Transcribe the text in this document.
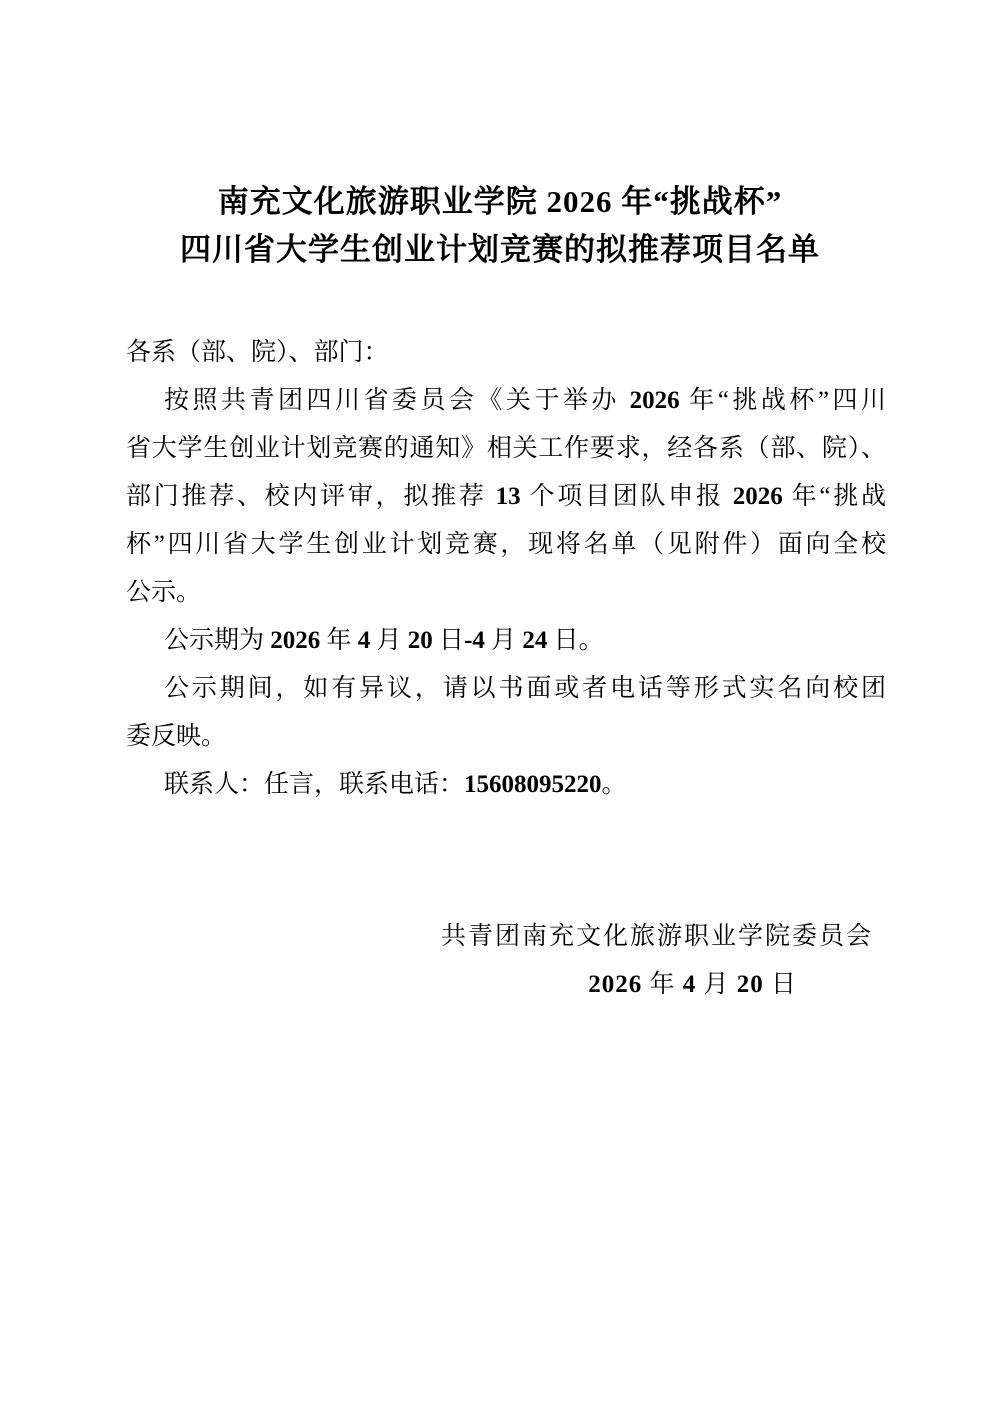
南充文化旅游职业学院 2026 年“挑战杯”
四川省大学生创业计划竞赛的拟推荐项目名单
各系（部、院）、部门：
按照共青团四川省委员会《关于举办 2026 年“挑战杯”四川
省大学生创业计划竞赛的通知》相关工作要求，经各系（部、院）、
部门推荐、校内评审，拟推荐 13 个项目团队申报 2026 年“挑战
杯”四川省大学生创业计划竞赛，现将名单（见附件）面向全校
公示。
公示期为 2026 年 4 月 20 日-4 月 24 日。
公示期间，如有异议，请以书面或者电话等形式实名向校团
委反映。
联系人：任言，联系电话：15608095220。
共青团南充文化旅游职业学院委员会
2026 年 4 月 20 日
